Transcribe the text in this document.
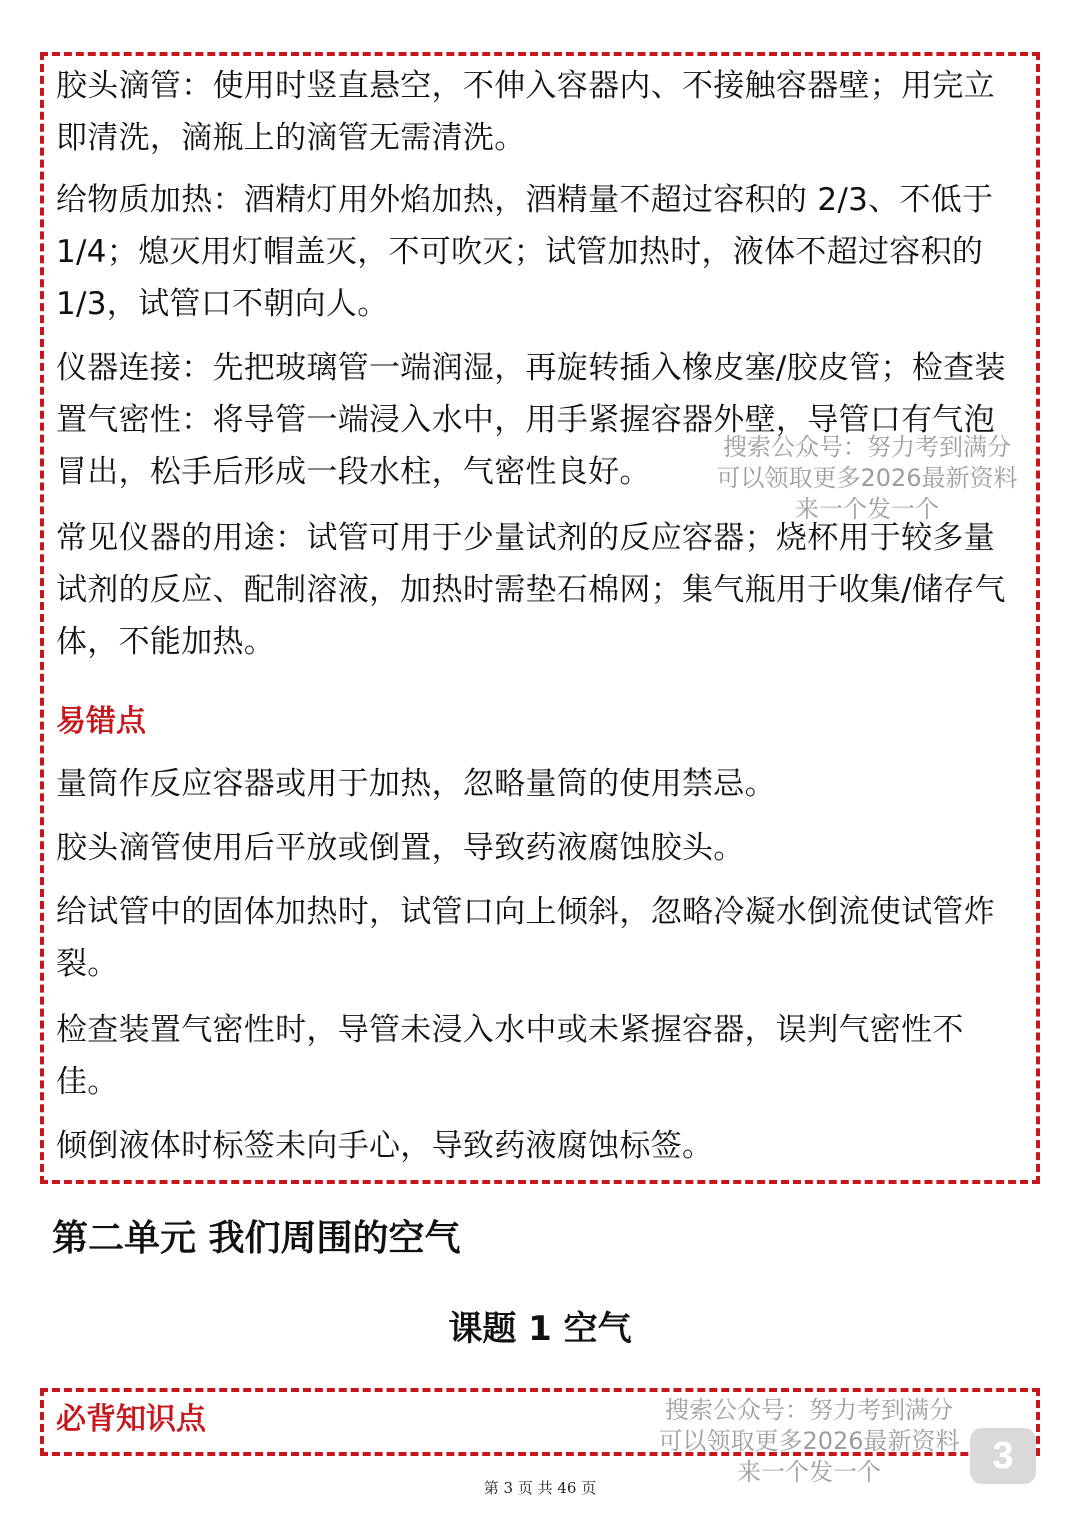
胶头滴管：使用时竖直悬空，不伸入容器内、不接触容器壁；用完立即清洗，滴瓶上的滴管无需清洗。

给物质加热：酒精灯用外焰加热，酒精量不超过容积的 2/3、不低于 1/4；熄灭用灯帽盖灭，不可吹灭；试管加热时，液体不超过容积的 1/3，试管口不朝向人。

仪器连接：先把玻璃管一端润湿，再旋转插入橡皮塞/胶皮管；检查装置气密性：将导管一端浸入水中，用手紧握容器外壁，导管口有气泡冒出，松手后形成一段水柱，气密性良好。

常见仪器的用途：试管可用于少量试剂的反应容器；烧杯用于较多量试剂的反应、配制溶液，加热时需垫石棉网；集气瓶用于收集/储存气体，不能加热。

易错点

量筒作反应容器或用于加热，忽略量筒的使用禁忌。

胶头滴管使用后平放或倒置，导致药液腐蚀胶头。

给试管中的固体加热时，试管口向上倾斜，忽略冷凝水倒流使试管炸裂。

检查装置气密性时，导管未浸入水中或未紧握容器，误判气密性不佳。

倾倒液体时标签未向手心，导致药液腐蚀标签。

第二单元 我们周围的空气
课题 1 空气

必背知识点

搜索公众号：努力考到满分
可以领取更多2026最新资料
来一个发一个
搜索公众号：努力考到满分
可以领取更多2026最新资料
来一个发一个	3
第 3 页 共 46 页
